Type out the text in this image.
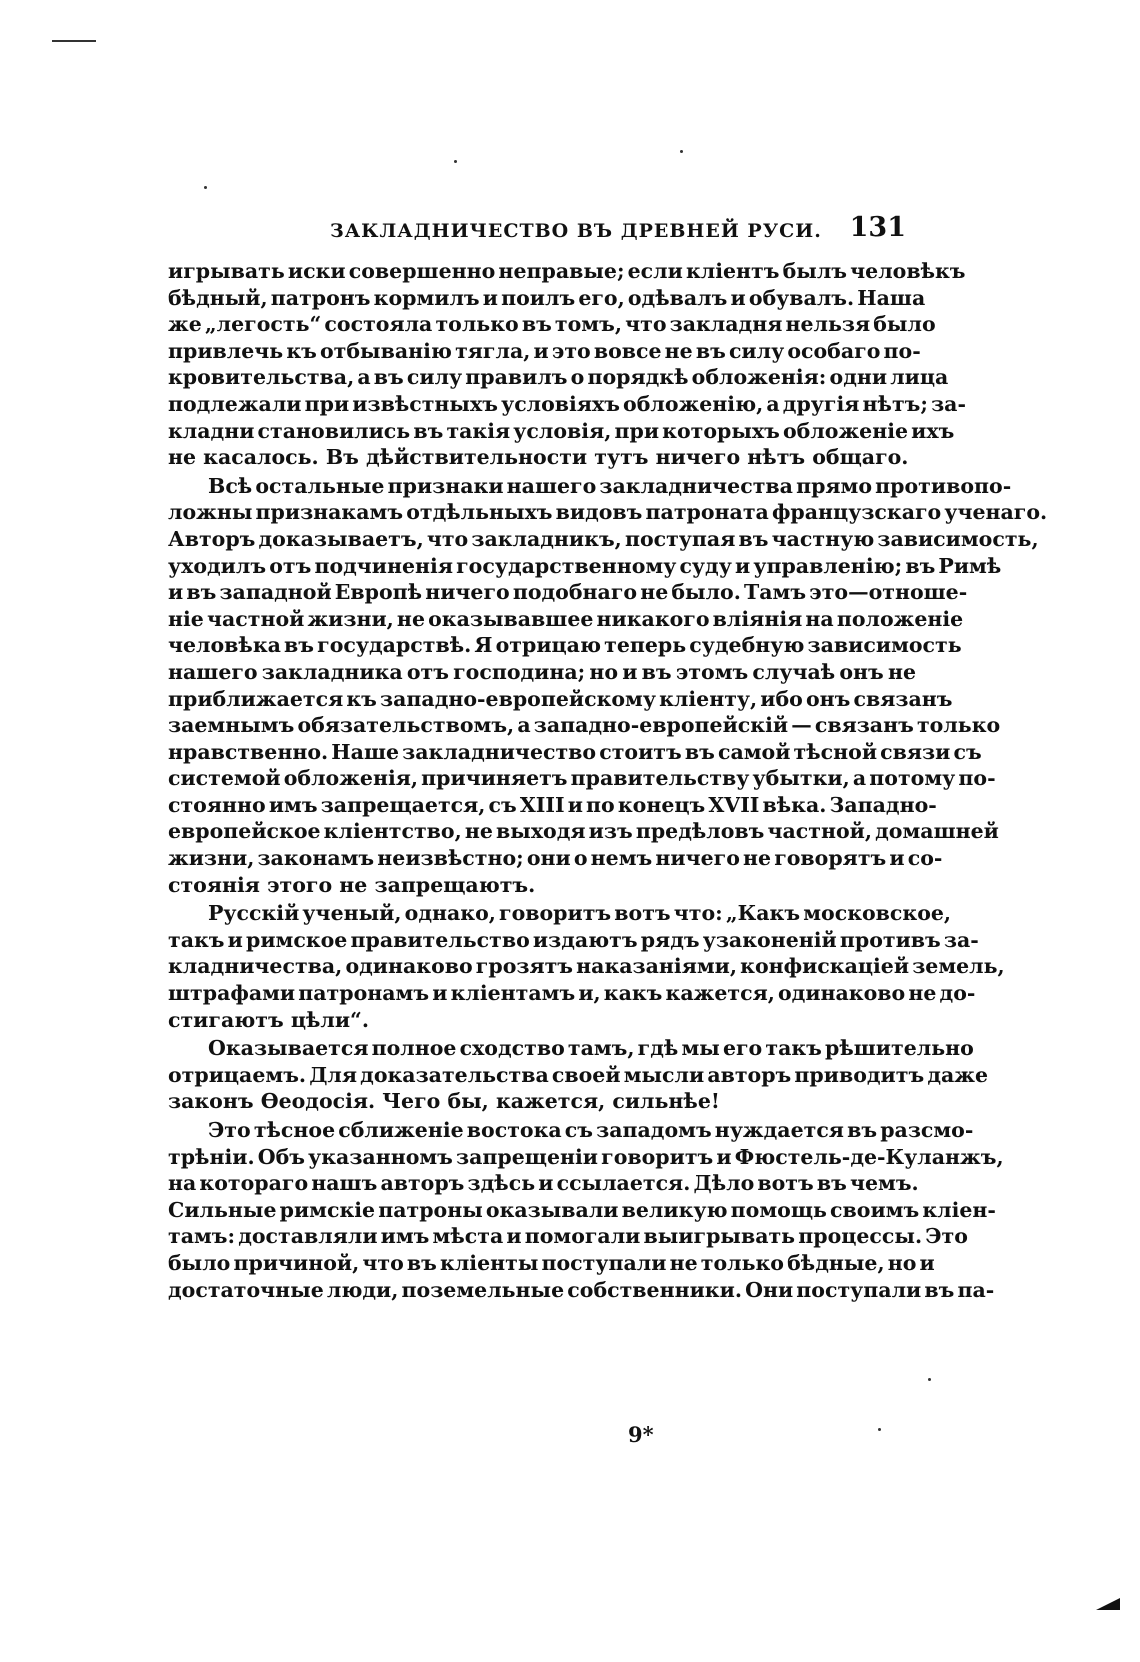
ЗАКЛАДНИЧЕСТВО ВЪ ДРЕВНЕЙ РУСИ. 131
игрывать иски совершенно неправые; если кліентъ былъ человѣкъ
бѣдный, патронъ кормилъ и поилъ его, одѣвалъ и обувалъ. Наша
же „легость“ состояла только въ томъ, что закладня нельзя было
привлечь къ отбыванію тягла, и это вовсе не въ силу особаго по-
кровительства, а въ силу правилъ о порядкѣ обложенія: одни лица
подлежали при извѣстныхъ условіяхъ обложенію, а другія нѣтъ; за-
кладни становились въ такія условія, при которыхъ обложеніе ихъ
не касалось. Въ дѣйствительности тутъ ничего нѣтъ общаго.
Всѣ остальные признаки нашего закладничества прямо противопо-
ложны признакамъ отдѣльныхъ видовъ патроната французскаго ученаго.
Авторъ доказываетъ, что закладникъ, поступая въ частную зависимость,
уходилъ отъ подчиненія государственному суду и управленію; въ Римѣ
и въ западной Европѣ ничего подобнаго не было. Тамъ это—отноше-
ніе частной жизни, не оказывавшее никакого вліянія на положеніе
человѣка въ государствѣ. Я отрицаю теперь судебную зависимость
нашего закладника отъ господина; но и въ этомъ случаѣ онъ не
приближается къ западно-европейскому кліенту, ибо онъ связанъ
заемнымъ обязательствомъ, а западно-европейскій — связанъ только
нравственно. Наше закладничество стоитъ въ самой тѣсной связи съ
системой обложенія, причиняетъ правительству убытки, а потому по-
стоянно имъ запрещается, съ XIII и по конецъ XVII вѣка. Западно-
европейское кліентство, не выходя изъ предѣловъ частной, домашней
жизни, законамъ неизвѣстно; они о немъ ничего не говорятъ и со-
стоянія этого не запрещаютъ.
Русскій ученый, однако, говоритъ вотъ что: „Какъ московское,
такъ и римское правительство издаютъ рядъ узаконеній противъ за-
кладничества, одинаково грозятъ наказаніями, конфискаціей земель,
штрафами патронамъ и кліентамъ и, какъ кажется, одинаково не до-
стигаютъ цѣли“.
Оказывается полное сходство тамъ, гдѣ мы его такъ рѣшительно
отрицаемъ. Для доказательства своей мысли авторъ приводитъ даже
законъ Ѳеодосія. Чего бы, кажется, сильнѣе!
Это тѣсное сближеніе востока съ западомъ нуждается въ разсмо-
трѣніи. Объ указанномъ запрещеніи говоритъ и Фюстель-де-Куланжъ,
на котораго нашъ авторъ здѣсь и ссылается. Дѣло вотъ въ чемъ.
Сильные римскіе патроны оказывали великую помощь своимъ кліен-
тамъ: доставляли имъ мѣста и помогали выигрывать процессы. Это
было причиной, что въ кліенты поступали не только бѣдные, но и
достаточные люди, поземельные собственники. Они поступали въ па-
9*
